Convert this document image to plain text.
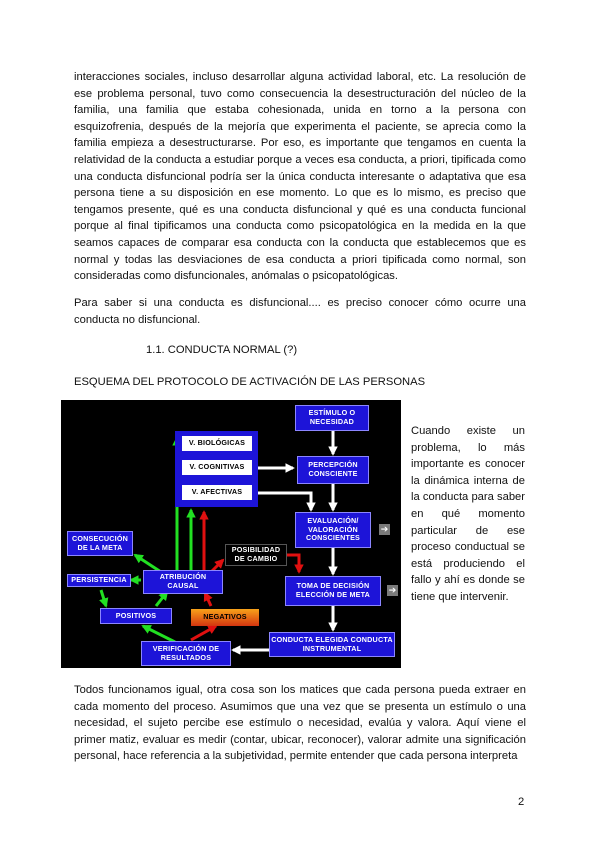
interacciones sociales, incluso desarrollar alguna actividad laboral, etc. La resolución de ese problema personal, tuvo como consecuencia la desestructuración del núcleo de la familia, una familia que estaba cohesionada, unida en torno a la persona con esquizofrenia, después de la mejoría que experimenta el paciente, se aprecia como la familia empieza a desestructurarse. Por eso, es importante que tengamos en cuenta la relatividad de la conducta a estudiar porque a veces esa conducta, a priori, tipificada como una conducta disfuncional podría ser la única conducta interesante o adaptativa que esa persona tiene a su disposición en ese momento. Lo que es lo mismo, es preciso que tengamos presente, qué es una conducta disfuncional y qué es una conducta funcional porque al final tipificamos una conducta como psicopatológica en la medida en la que seamos capaces de comparar esa conducta con la conducta que establecemos que es normal y todas las desviaciones de esa conducta a priori tipificada como normal, son consideradas como disfuncionales, anómalas o psicopatológicas.

Para saber si una conducta es disfuncional.... es preciso conocer cómo ocurre una conducta no disfuncional.

1.1. CONDUCTA NORMAL (?)

ESQUEMA DEL PROTOCOLO DE ACTIVACIÓN DE LAS PERSONAS

ESTÍMULO O NECESIDAD
V. BIOLÓGICAS
V. COGNITIVAS
V. AFECTIVAS
PERCEPCIÓN CONSCIENTE
EVALUACIÓN/ VALORACIÓN CONSCIENTES
➔
CONSECUCIÓN DE LA META	POSIBILIDAD DE CAMBIO
PERSISTENCIA	ATRIBUCIÓN CAUSAL	TOMA DE DECISIÓN ELECCIÓN DE META	➔
POSITIVOS	NEGATIVOS
CONDUCTA ELEGIDA CONDUCTA INSTRUMENTAL
VERIFICACIÓN DE RESULTADOS

Cuando existe un problema, lo más importante es conocer la dinámica interna de la conducta para saber en qué momento particular de ese proceso conductual se está produciendo el fallo y ahí es donde se tiene que intervenir.

Todos funcionamos igual, otra cosa son los matices que cada persona pueda extraer en cada momento del proceso. Asumimos que una vez que se presenta un estímulo o una necesidad, el sujeto percibe ese estímulo o necesidad, evalúa y valora. Aquí viene el primer matiz, evaluar es medir (contar, ubicar, reconocer), valorar admite una significación personal, hace referencia a la subjetividad, permite entender que cada persona interpreta

2
